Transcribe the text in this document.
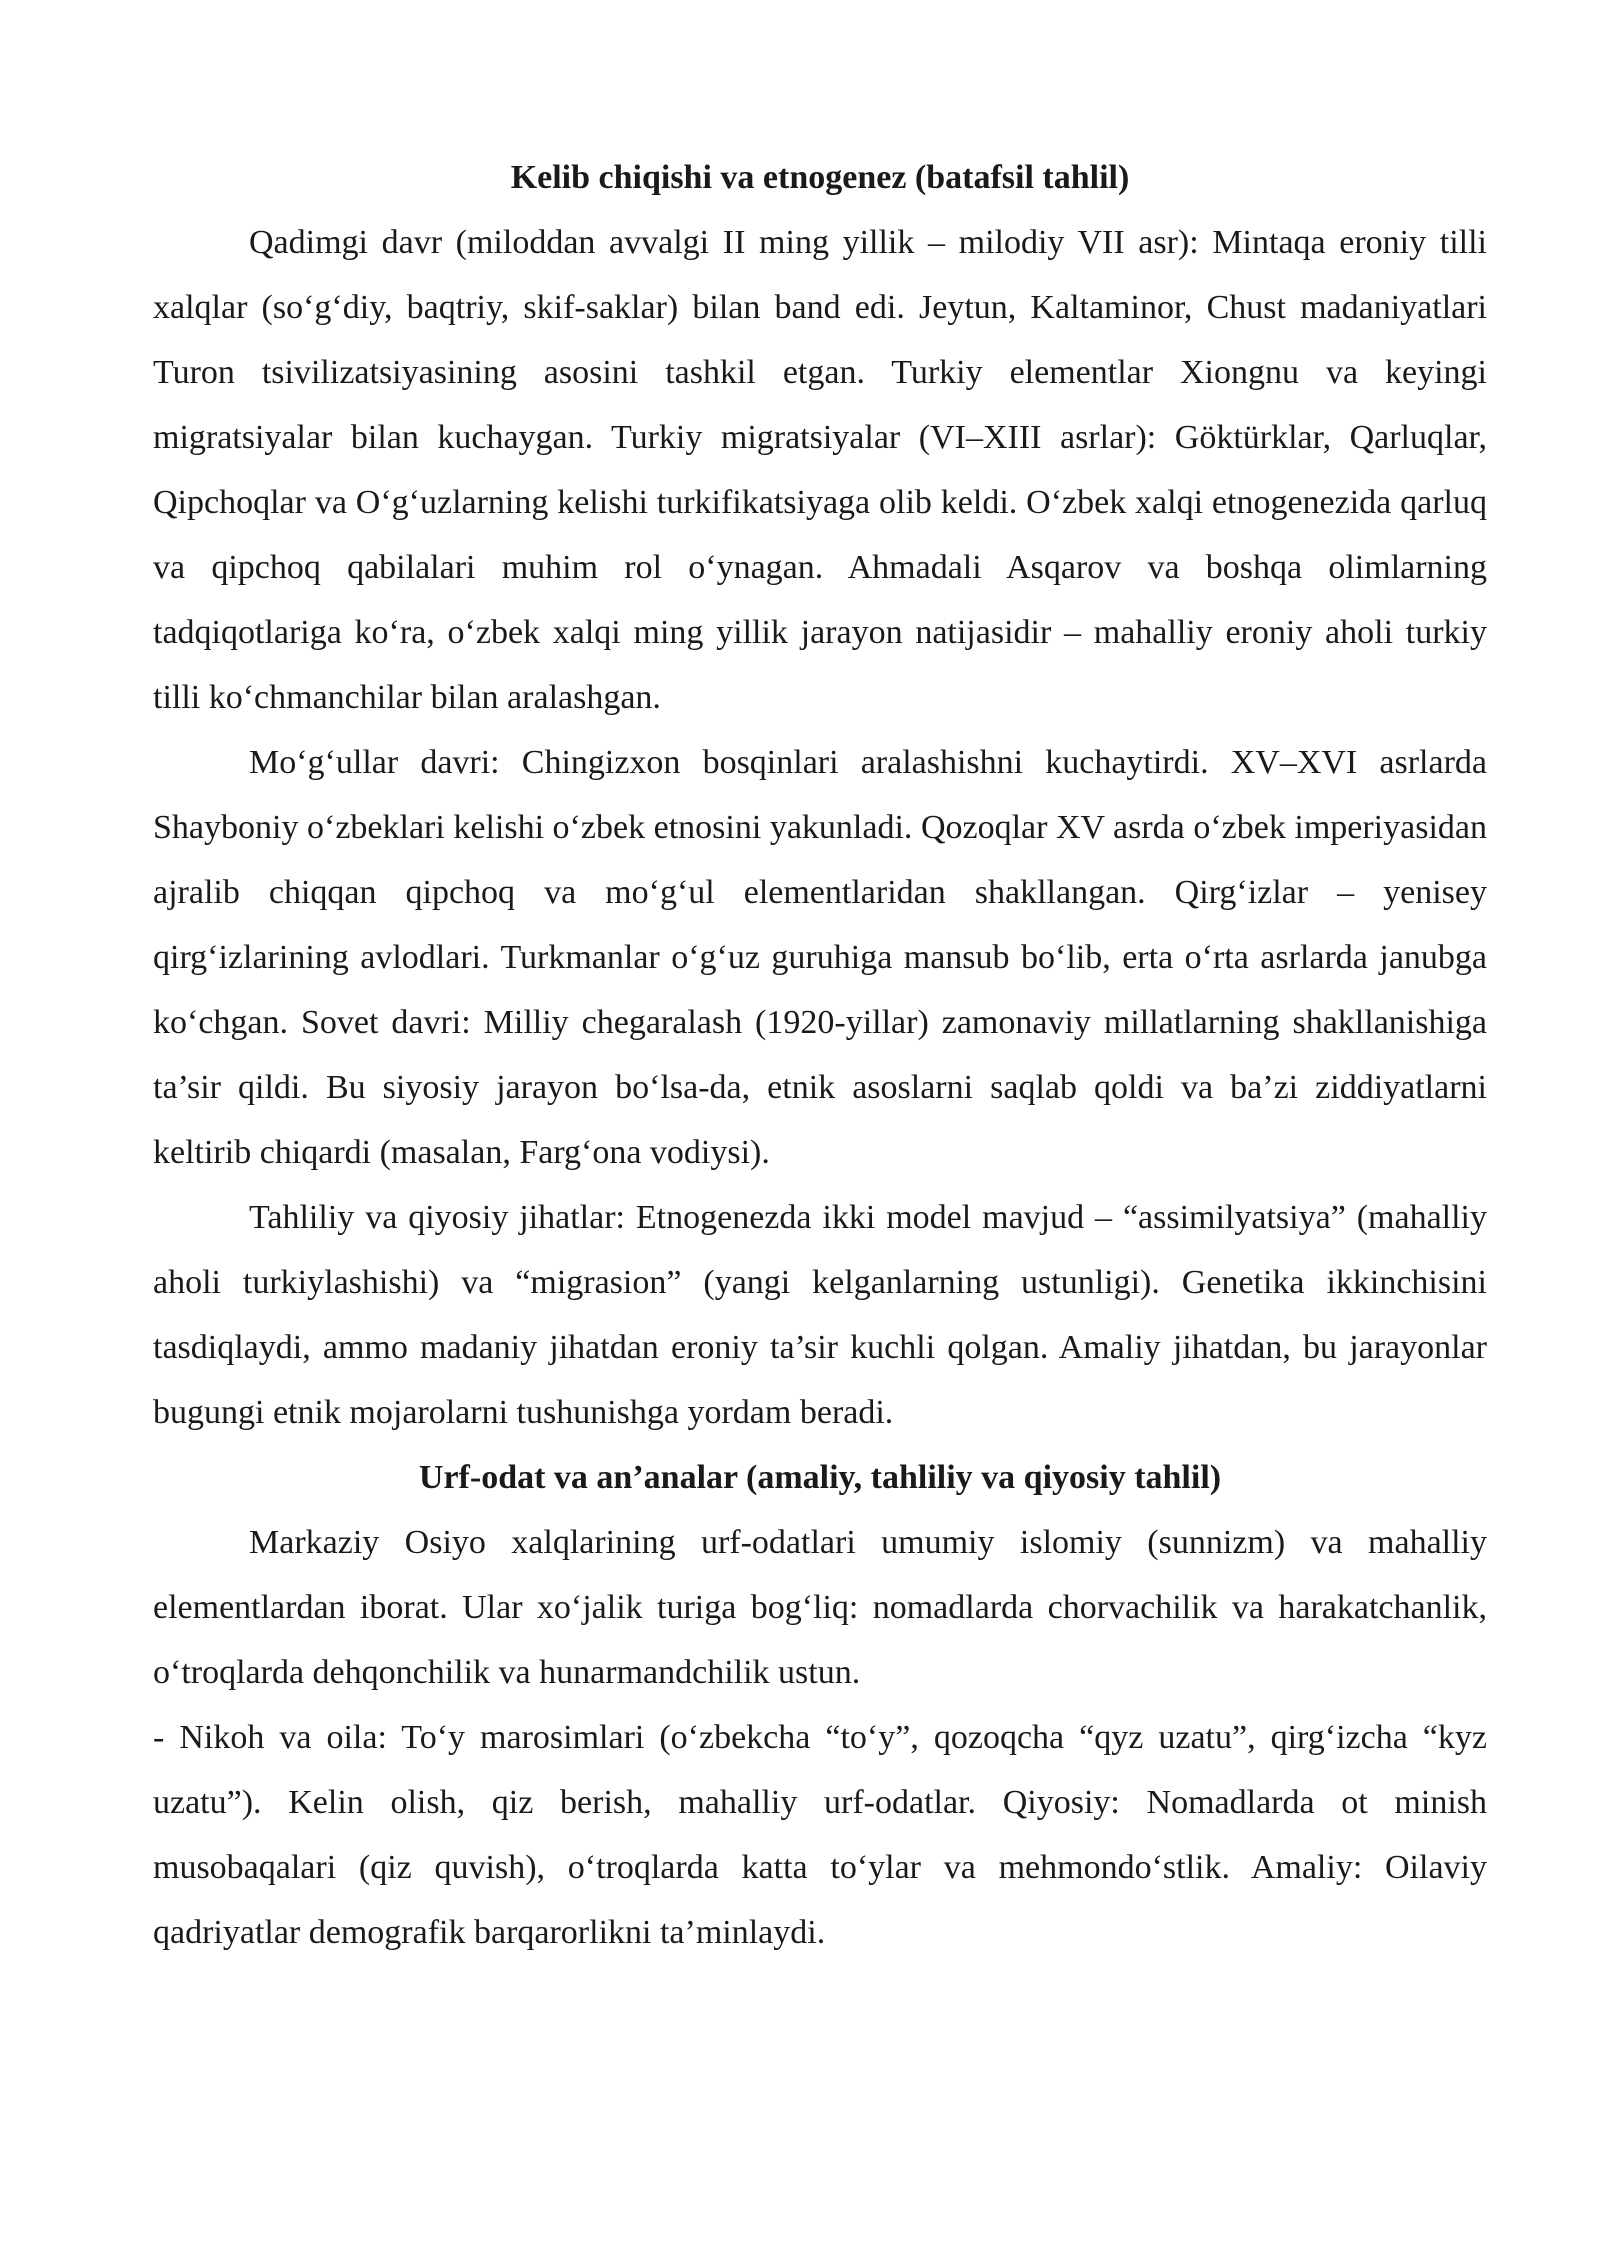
Kelib chiqishi va etnogenez (batafsil tahlil)

Qadimgi davr (miloddan avvalgi II ming yillik – milodiy VII asr): Mintaqa eroniy tilli xalqlar (so‘g‘diy, baqtriy, skif-saklar) bilan band edi. Jeytun, Kaltaminor, Chust madaniyatlari Turon tsivilizatsiyasining asosini tashkil etgan. Turkiy elementlar Xiongnu va keyingi migratsiyalar bilan kuchaygan. Turkiy migratsiyalar (VI–XIII asrlar): Göktürklar, Qarluqlar, Qipchoqlar va O‘g‘uzlarning kelishi turkifikatsiyaga olib keldi. O‘zbek xalqi etnogenezida qarluq va qipchoq qabilalari muhim rol o‘ynagan. Ahmadali Asqarov va boshqa olimlarning tadqiqotlariga ko‘ra, o‘zbek xalqi ming yillik jarayon natijasidir – mahalliy eroniy aholi turkiy tilli ko‘chmanchilar bilan aralashgan.

Mo‘g‘ullar davri: Chingizxon bosqinlari aralashishni kuchaytirdi. XV–XVI asrlarda Shayboniy o‘zbeklari kelishi o‘zbek etnosini yakunladi. Qozoqlar XV asrda o‘zbek imperiyasidan ajralib chiqqan qipchoq va mo‘g‘ul elementlaridan shakllangan. Qirg‘izlar – yenisey qirg‘izlarining avlodlari. Turkmanlar o‘g‘uz guruhiga mansub bo‘lib, erta o‘rta asrlarda janubga ko‘chgan. Sovet davri: Milliy chegaralash (1920-yillar) zamonaviy millatlarning shakllanishiga ta’sir qildi. Bu siyosiy jarayon bo‘lsa-da, etnik asoslarni saqlab qoldi va ba’zi ziddiyatlarni keltirib chiqardi (masalan, Farg‘ona vodiysi).

Tahliliy va qiyosiy jihatlar: Etnogenezda ikki model mavjud – “assimilyatsiya” (mahalliy aholi turkiylashishi) va “migrasion” (yangi kelganlarning ustunligi). Genetika ikkinchisini tasdiqlaydi, ammo madaniy jihatdan eroniy ta’sir kuchli qolgan. Amaliy jihatdan, bu jarayonlar bugungi etnik mojarolarni tushunishga yordam beradi.

Urf-odat va an’analar (amaliy, tahliliy va qiyosiy tahlil)

Markaziy Osiyo xalqlarining urf-odatlari umumiy islomiy (sunnizm) va mahalliy elementlardan iborat. Ular xo‘jalik turiga bog‘liq: nomadlarda chorvachilik va harakatchanlik, o‘troqlarda dehqonchilik va hunarmandchilik ustun.

- Nikoh va oila: To‘y marosimlari (o‘zbekcha “to‘y”, qozoqcha “qyz uzatu”, qirg‘izcha “kyz uzatu”). Kelin olish, qiz berish, mahalliy urf-odatlar. Qiyosiy: Nomadlarda ot minish musobaqalari (qiz quvish), o‘troqlarda katta to‘ylar va mehmondo‘stlik. Amaliy: Oilaviy qadriyatlar demografik barqarorlikni ta’minlaydi.
